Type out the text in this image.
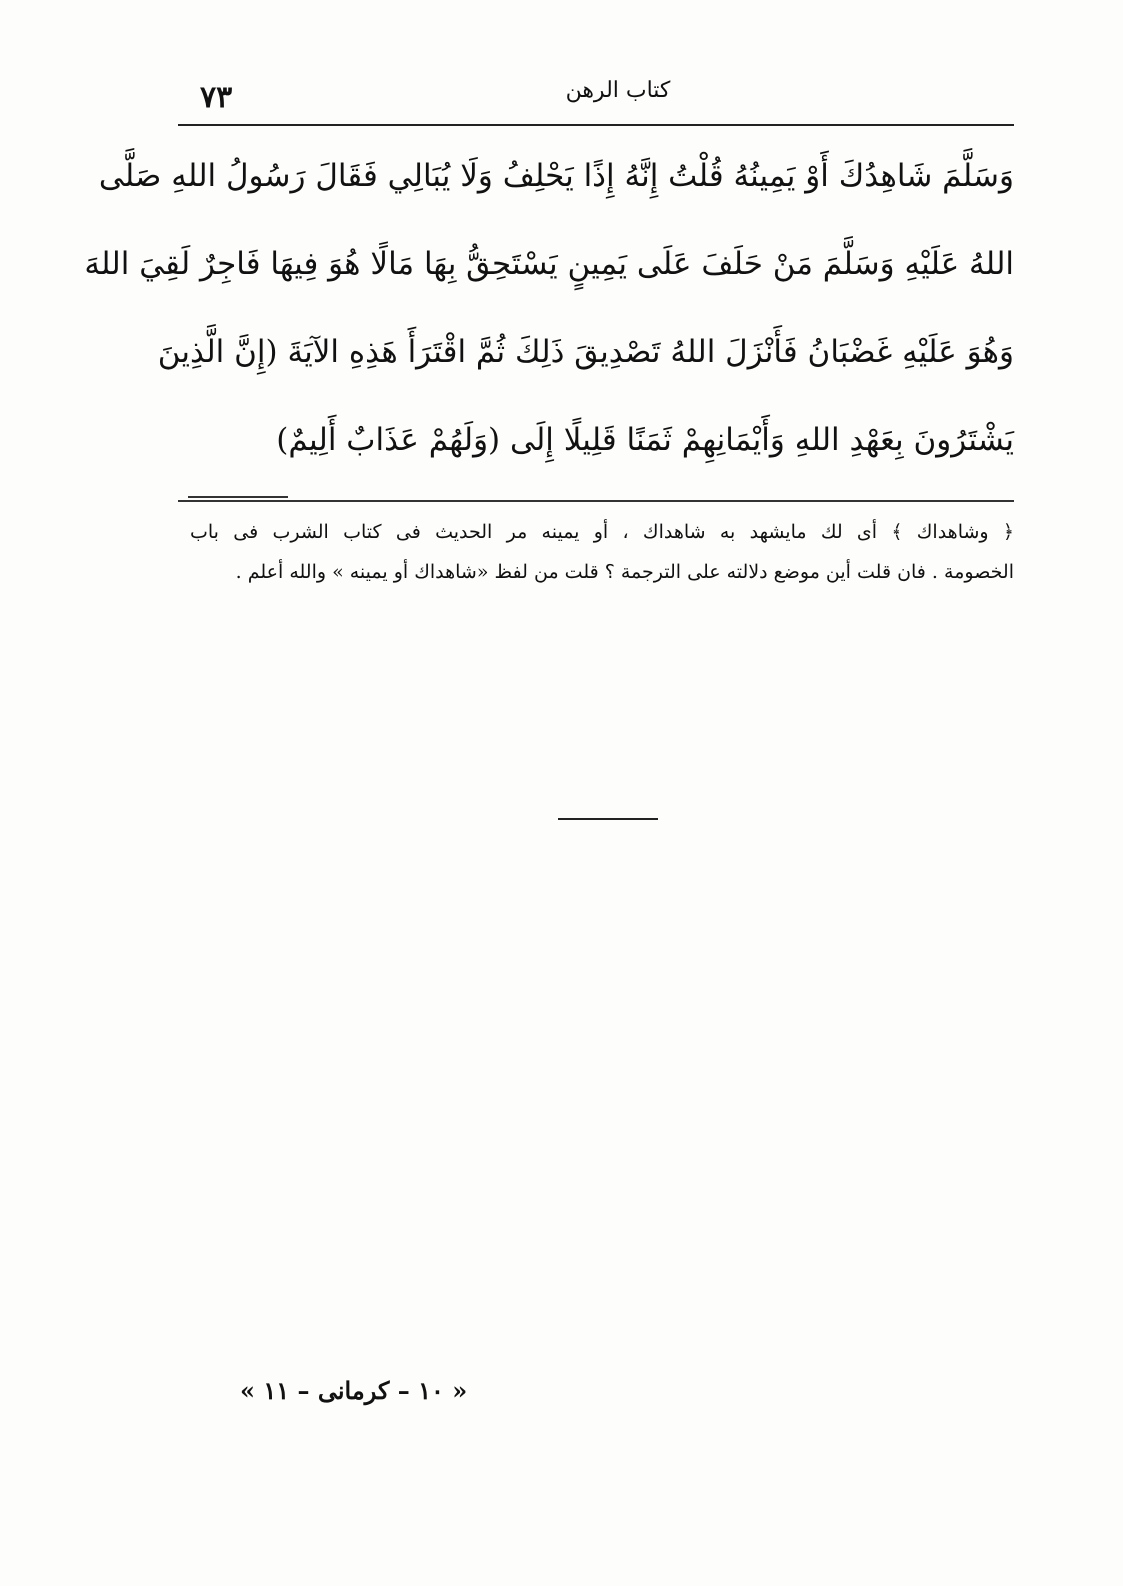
٧٣	كتاب الرهن
وَسَلَّمَ شَاهِدُكَ أَوْ يَمِينُهُ قُلْتُ إِنَّهُ إِذًا يَحْلِفُ وَلَا يُبَالِي فَقَالَ رَسُولُ اللهِ صَلَّى
اللهُ عَلَيْهِ وَسَلَّمَ مَنْ حَلَفَ عَلَى يَمِينٍ يَسْتَحِقُّ بِهَا مَالًا هُوَ فِيهَا فَاجِرٌ لَقِيَ اللهَ
وَهُوَ عَلَيْهِ غَضْبَانُ فَأَنْزَلَ اللهُ تَصْدِيقَ ذَلِكَ ثُمَّ اقْتَرَأَ هَذِهِ الآيَةَ (إِنَّ الَّذِينَ
يَشْتَرُونَ بِعَهْدِ اللهِ وَأَيْمَانِهِمْ ثَمَنًا قَلِيلًا إِلَى (وَلَهُمْ عَذَابٌ أَلِيمٌ)
﴿ وشاهداك ﴾ أى لك مايشهد به شاهداك ، أو يمينه مر الحديث فى كتاب الشرب فى باب
الخصومة . فان قلت أين موضع دلالته على الترجمة ؟ قلت من لفظ «شاهداك أو يمينه » والله أعلم .
« ١٠ – كرمانى – ١١ »
